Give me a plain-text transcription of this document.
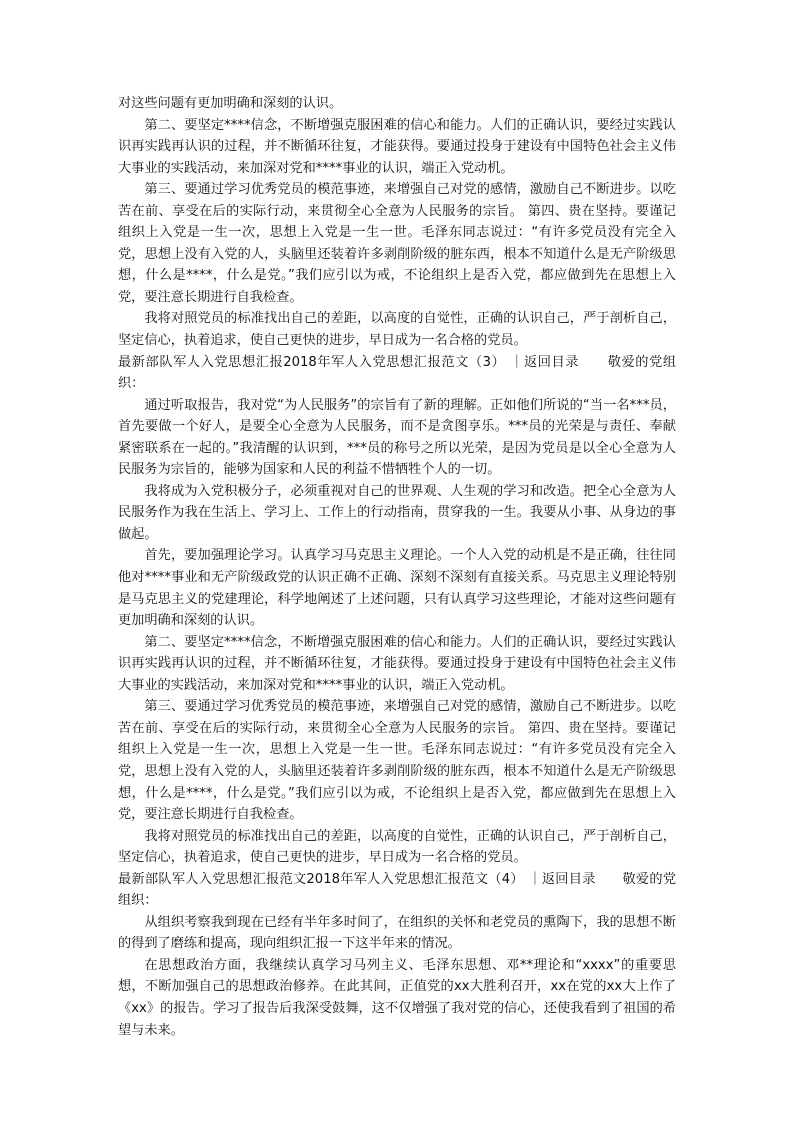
对这些问题有更加明确和深刻的认识。

第二、要坚定****信念，不断增强克服困难的信心和能力。人们的正确认识，要经过实践认识再实践再认识的过程，并不断循环往复，才能获得。要通过投身于建设有中国特色社会主义伟大事业的实践活动，来加深对党和****事业的认识，端正入党动机。

第三、要通过学习优秀党员的模范事迹，来增强自己对党的感情，激励自己不断进步。以吃苦在前、享受在后的实际行动，来贯彻全心全意为人民服务的宗旨。 第四、贵在坚持。要谨记组织上入党是一生一次，思想上入党是一生一世。毛泽东同志说过：“有许多党员没有完全入党，思想上没有入党的人，头脑里还装着许多剥削阶级的脏东西，根本不知道什么是无产阶级思想，什么是****，什么是党。”我们应引以为戒，不论组织上是否入党，都应做到先在思想上入党，要注意长期进行自我检查。

我将对照党员的标准找出自己的差距，以高度的自觉性，正确的认识自己，严于剖析自己，坚定信心，执着追求，使自己更快的进步，早日成为一名合格的党员。

最新部队军人入党思想汇报2018年军人入党思想汇报范文（3） ｜返回目录 敬爱的党组织：

通过听取报告，我对党“为人民服务”的宗旨有了新的理解。正如他们所说的“当一名***员，首先要做一个好人，是要全心全意为人民服务，而不是贪图享乐。***员的光荣是与责任、奉献紧密联系在一起的。”我清醒的认识到，***员的称号之所以光荣，是因为党员是以全心全意为人民服务为宗旨的，能够为国家和人民的利益不惜牺牲个人的一切。

我将成为入党积极分子，必须重视对自己的世界观、人生观的学习和改造。把全心全意为人民服务作为我在生活上、学习上、工作上的行动指南，贯穿我的一生。我要从小事、从身边的事做起。

首先，要加强理论学习。认真学习马克思主义理论。一个人入党的动机是不是正确，往往同他对****事业和无产阶级政党的认识正确不正确、深刻不深刻有直接关系。马克思主义理论特别是马克思主义的党建理论，科学地阐述了上述问题，只有认真学习这些理论，才能对这些问题有更加明确和深刻的认识。

第二、要坚定****信念，不断增强克服困难的信心和能力。人们的正确认识，要经过实践认识再实践再认识的过程，并不断循环往复，才能获得。要通过投身于建设有中国特色社会主义伟大事业的实践活动，来加深对党和****事业的认识，端正入党动机。

第三、要通过学习优秀党员的模范事迹，来增强自己对党的感情，激励自己不断进步。以吃苦在前、享受在后的实际行动，来贯彻全心全意为人民服务的宗旨。 第四、贵在坚持。要谨记组织上入党是一生一次，思想上入党是一生一世。毛泽东同志说过：“有许多党员没有完全入党，思想上没有入党的人，头脑里还装着许多剥削阶级的脏东西，根本不知道什么是无产阶级思想，什么是****，什么是党。”我们应引以为戒，不论组织上是否入党，都应做到先在思想上入党，要注意长期进行自我检查。

我将对照党员的标准找出自己的差距，以高度的自觉性，正确的认识自己，严于剖析自己，坚定信心，执着追求，使自己更快的进步，早日成为一名合格的党员。

最新部队军人入党思想汇报范文2018年军人入党思想汇报范文（4） ｜返回目录 敬爱的党组织：

从组织考察我到现在已经有半年多时间了，在组织的关怀和老党员的熏陶下，我的思想不断的得到了磨练和提高，现向组织汇报一下这半年来的情况。

在思想政治方面，我继续认真学习马列主义、毛泽东思想、邓**理论和“xxxx”的重要思想，不断加强自己的思想政治修养。在此其间，正值党的xx大胜利召开，xx在党的xx大上作了《xx》的报告。学习了报告后我深受鼓舞，这不仅增强了我对党的信心，还使我看到了祖国的希望与未来。
